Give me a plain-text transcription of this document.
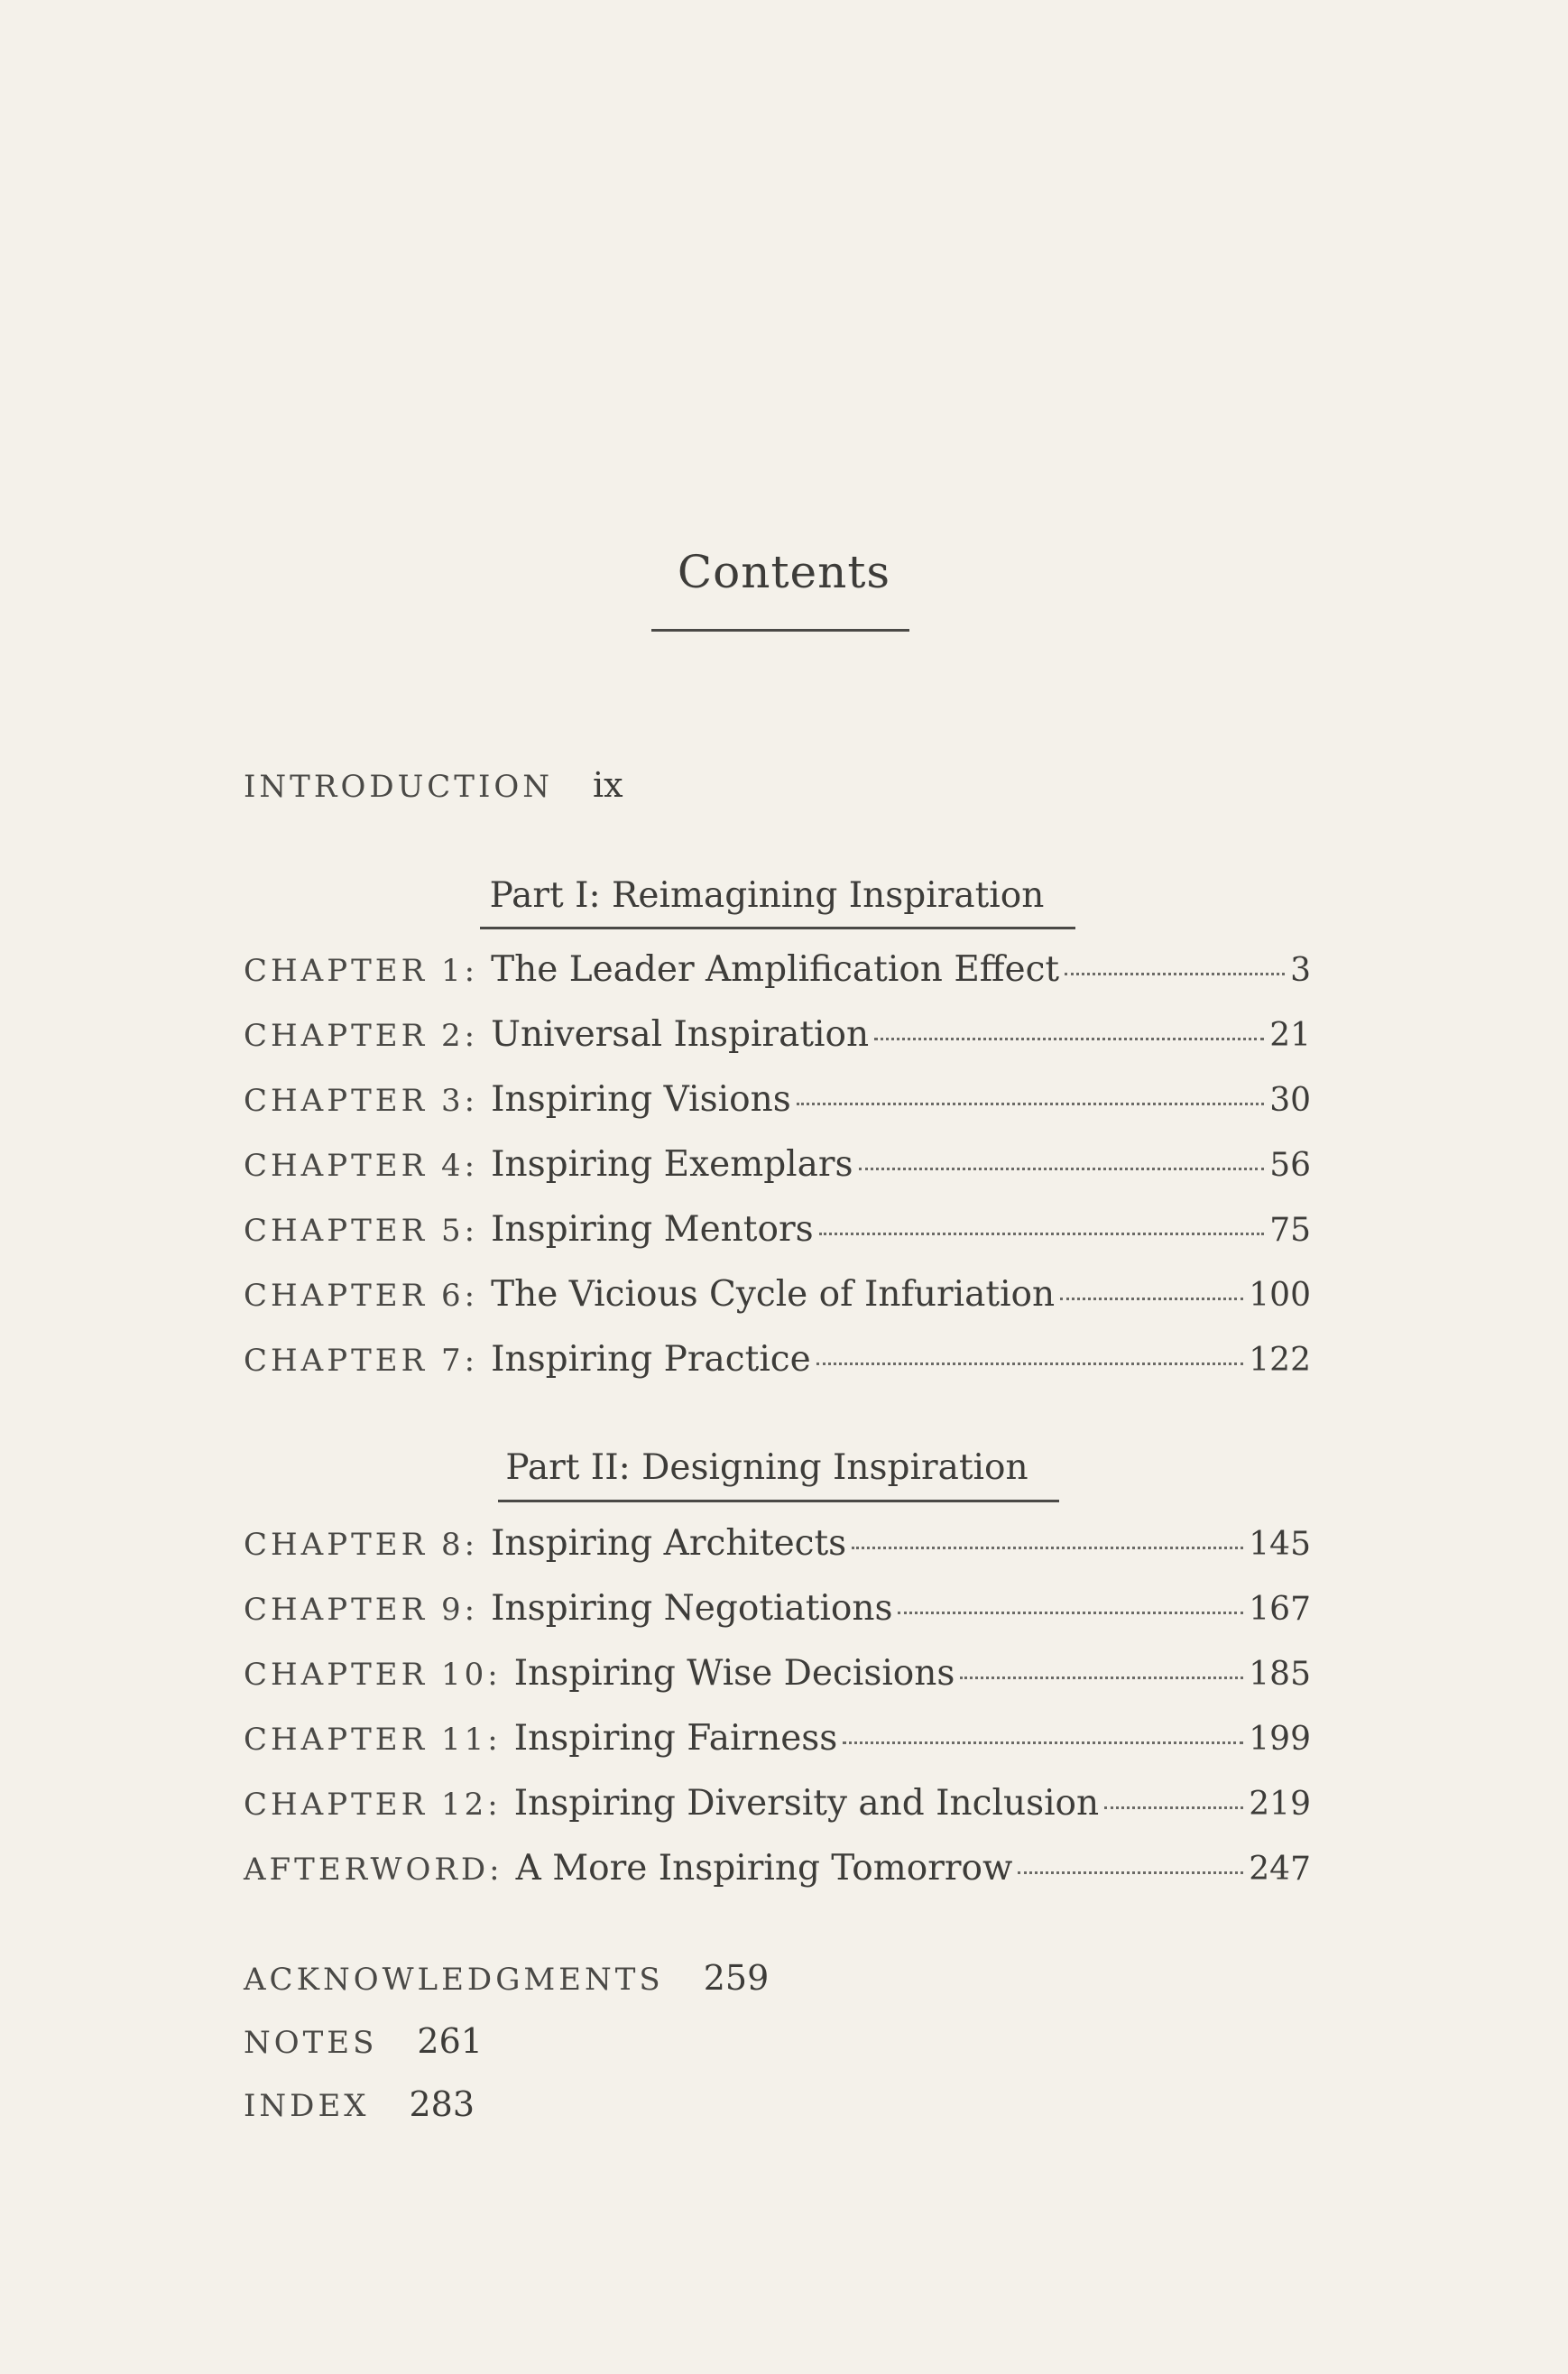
Contents
INTRODUCTION ix
Part I: Reimagining Inspiration
CHAPTER 1: The Leader Amplification Effect	3
CHAPTER 2: Universal Inspiration	21
CHAPTER 3: Inspiring Visions	30
CHAPTER 4: Inspiring Exemplars	56
CHAPTER 5: Inspiring Mentors	75
CHAPTER 6: The Vicious Cycle of Infuriation	100
CHAPTER 7: Inspiring Practice	122
Part II: Designing Inspiration
CHAPTER 8: Inspiring Architects	145
CHAPTER 9: Inspiring Negotiations	167
CHAPTER 10: Inspiring Wise Decisions	185
CHAPTER 11: Inspiring Fairness	199
CHAPTER 12: Inspiring Diversity and Inclusion	219
AFTERWORD: A More Inspiring Tomorrow	247
ACKNOWLEDGMENTS 259
NOTES 261
INDEX 283
